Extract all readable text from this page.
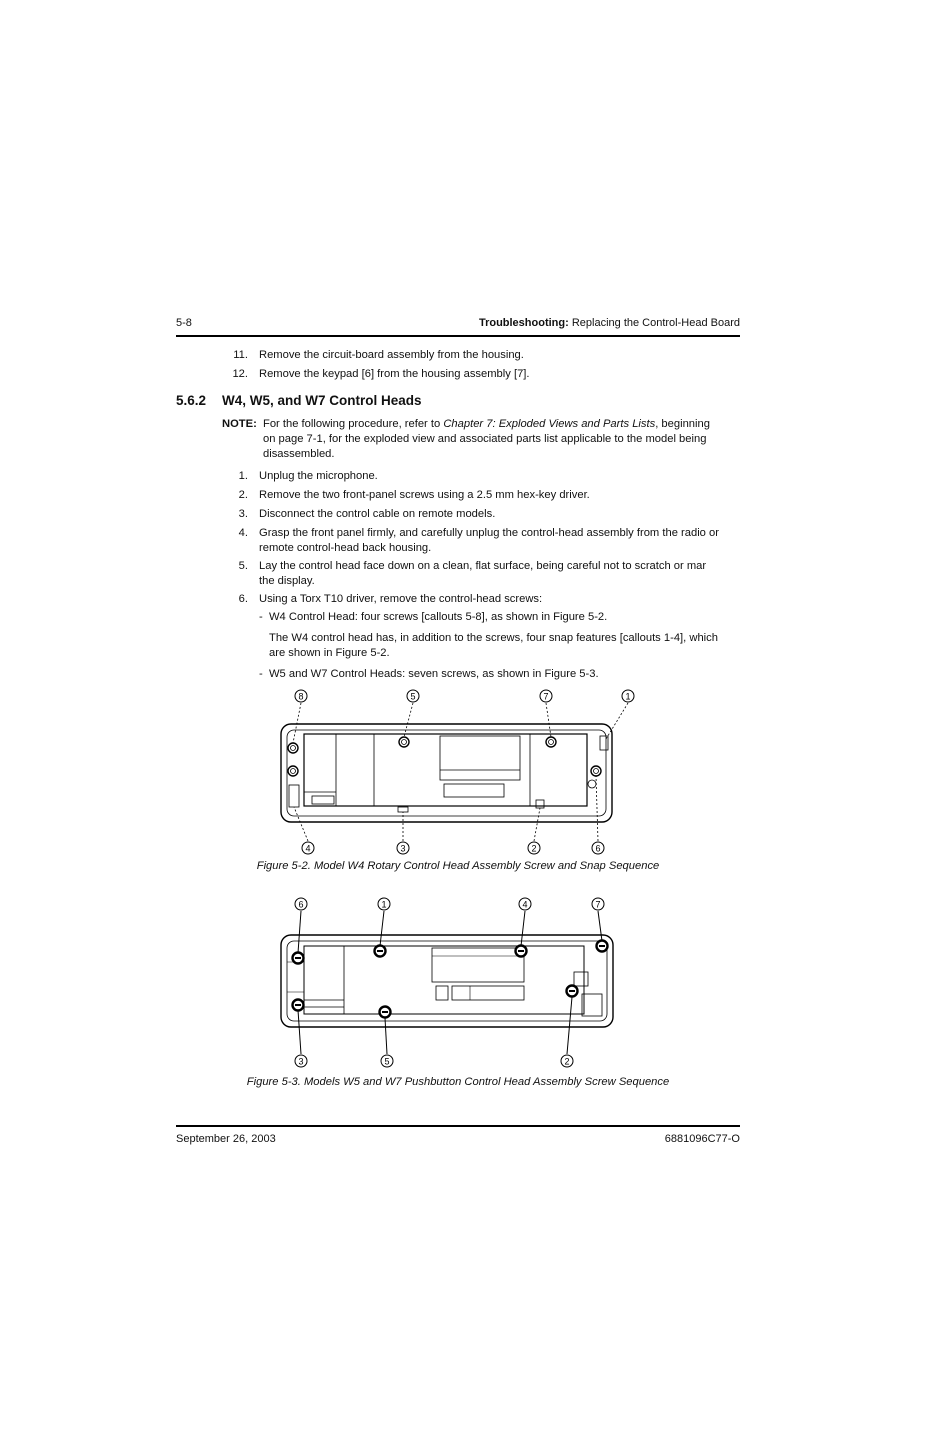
5-8	Troubleshooting: Replacing the Control-Head Board
11. Remove the circuit-board assembly from the housing.
12. Remove the keypad [6] from the housing assembly [7].
5.6.2 W4, W5, and W7 Control Heads
NOTE: For the following procedure, refer to Chapter 7: Exploded Views and Parts Lists, beginning
on page 7-1, for the exploded view and associated parts list applicable to the model being
disassembled.
1. Unplug the microphone.
2. Remove the two front-panel screws using a 2.5 mm hex-key driver.
3. Disconnect the control cable on remote models.
4. Grasp the front panel firmly, and carefully unplug the control-head assembly from the radio or
remote control-head back housing.
5. Lay the control head face down on a clean, flat surface, being careful not to scratch or mar
the display.
6. Using a Torx T10 driver, remove the control-head screws:
- W4 Control Head: four screws [callouts 5-8], as shown in Figure 5-2.
The W4 control head has, in addition to the screws, four snap features [callouts 1-4], which
are shown in Figure 5-2.
- W5 and W7 Control Heads: seven screws, as shown in Figure 5-3.
8	5	7	1
4	3	2	6
Figure 5-2. Model W4 Rotary Control Head Assembly Screw and Snap Sequence
6	1	4	7
3	5	2
Figure 5-3. Models W5 and W7 Pushbutton Control Head Assembly Screw Sequence
September 26, 2003	6881096C77-O
